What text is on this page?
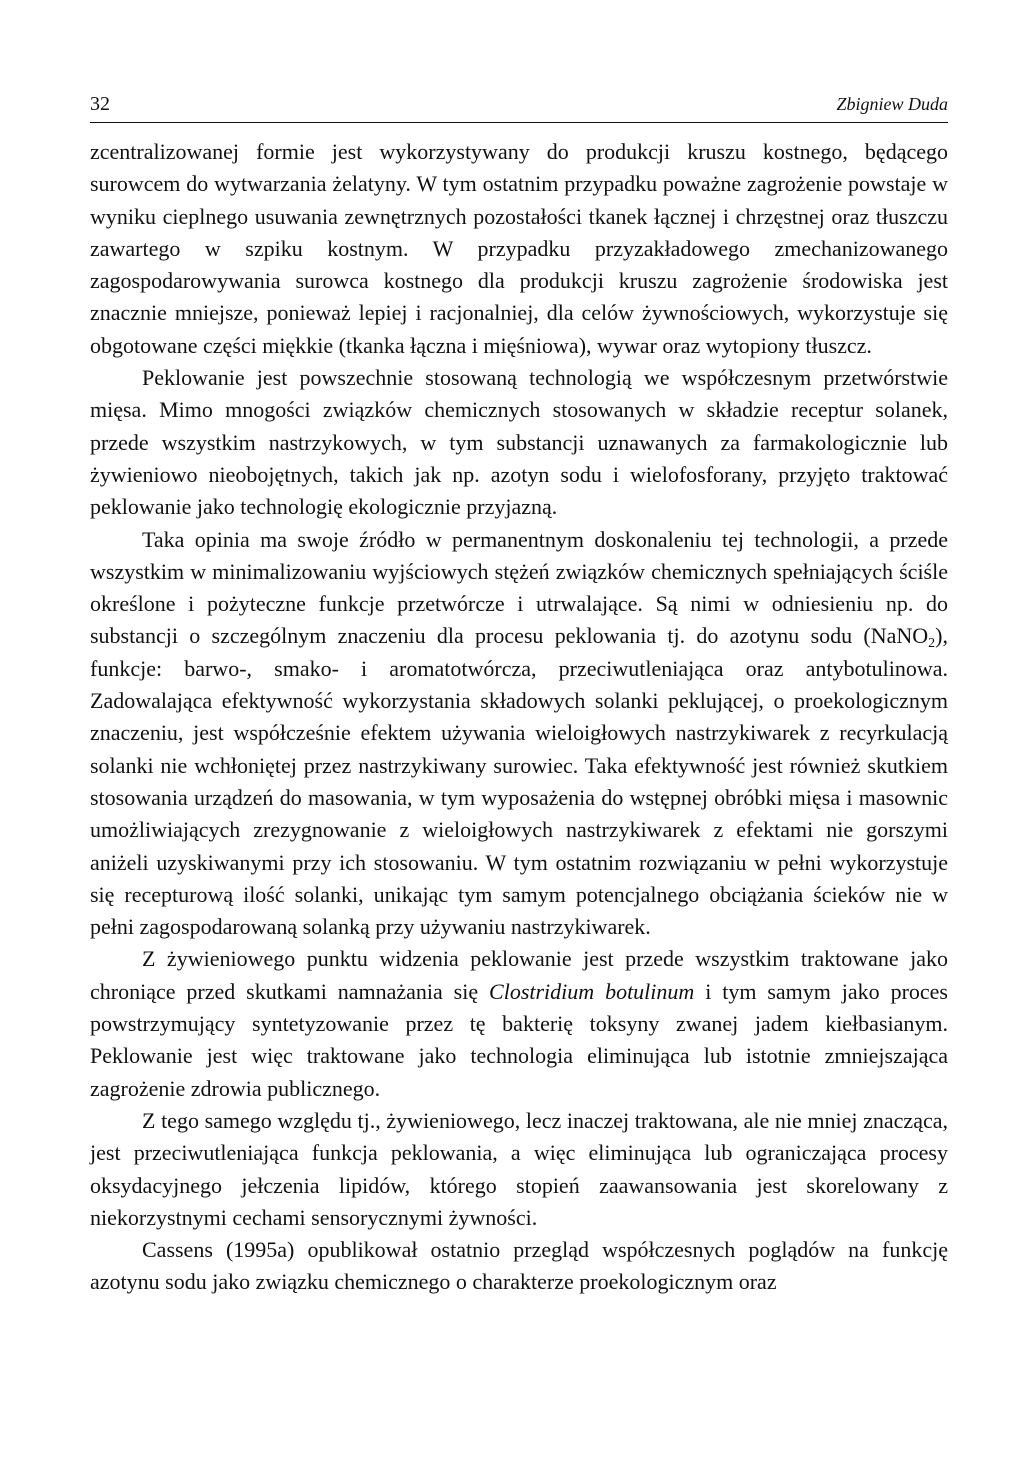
32	Zbigniew Duda

zcentralizowanej formie jest wykorzystywany do produkcji kruszu kostnego, będącego surowcem do wytwarzania żelatyny. W tym ostatnim przypadku poważne zagrożenie powstaje w wyniku cieplnego usuwania zewnętrznych pozostałości tkanek łącznej i chrzęstnej oraz tłuszczu zawartego w szpiku kostnym. W przypadku przyzakładowego zmechanizowanego zagospodarowywania surowca kostnego dla produkcji kruszu zagrożenie środowiska jest znacznie mniejsze, ponieważ lepiej i racjonalniej, dla celów żywnościowych, wykorzystuje się obgotowane części miękkie (tkanka łączna i mięśniowa), wywar oraz wytopiony tłuszcz.

Peklowanie jest powszechnie stosowaną technologią we współczesnym przetwórstwie mięsa. Mimo mnogości związków chemicznych stosowanych w składzie receptur solanek, przede wszystkim nastrzykowych, w tym substancji uznawanych za farmakologicznie lub żywieniowo nieobojętnych, takich jak np. azotyn sodu i wielofosforany, przyjęto traktować peklowanie jako technologię ekologicznie przyjazną.

Taka opinia ma swoje źródło w permanentnym doskonaleniu tej technologii, a przede wszystkim w minimalizowaniu wyjściowych stężeń związków chemicznych spełniających ściśle określone i pożyteczne funkcje przetwórcze i utrwalające. Są nimi w odniesieniu np. do substancji o szczególnym znaczeniu dla procesu peklowania tj. do azotynu sodu (NaNO$_2$), funkcje: barwo-, smako- i aromatotwórcza, przeciwutleniająca oraz antybotulinowa. Zadowalająca efektywność wykorzystania składowych solanki peklującej, o proekologicznym znaczeniu, jest współcześnie efektem używania wieloigłowych nastrzykiwarek z recyrkulacją solanki nie wchłoniętej przez nastrzykiwany surowiec. Taka efektywność jest również skutkiem stosowania urządzeń do masowania, w tym wyposażenia do wstępnej obróbki mięsa i masownic umożliwiających zrezygnowanie z wieloigłowych nastrzykiwarek z efektami nie gorszymi aniżeli uzyskiwanymi przy ich stosowaniu. W tym ostatnim rozwiązaniu w pełni wykorzystuje się recepturową ilość solanki, unikając tym samym potencjalnego obciążania ścieków nie w pełni zagospodarowaną solanką przy używaniu nastrzykiwarek.

Z żywieniowego punktu widzenia peklowanie jest przede wszystkim traktowane jako chroniące przed skutkami namnażania się Clostridium botulinum i tym samym jako proces powstrzymujący syntetyzowanie przez tę bakterię toksyny zwanej jadem kiełbasianym. Peklowanie jest więc traktowane jako technologia eliminująca lub istotnie zmniejszająca zagrożenie zdrowia publicznego.

Z tego samego względu tj., żywieniowego, lecz inaczej traktowana, ale nie mniej znacząca, jest przeciwutleniająca funkcja peklowania, a więc eliminująca lub ograniczająca procesy oksydacyjnego jełczenia lipidów, którego stopień zaawansowania jest skorelowany z niekorzystnymi cechami sensorycznymi żywności.

Cassens (1995a) opublikował ostatnio przegląd współczesnych poglądów na funkcję azotynu sodu jako związku chemicznego o charakterze proekologicznym oraz
